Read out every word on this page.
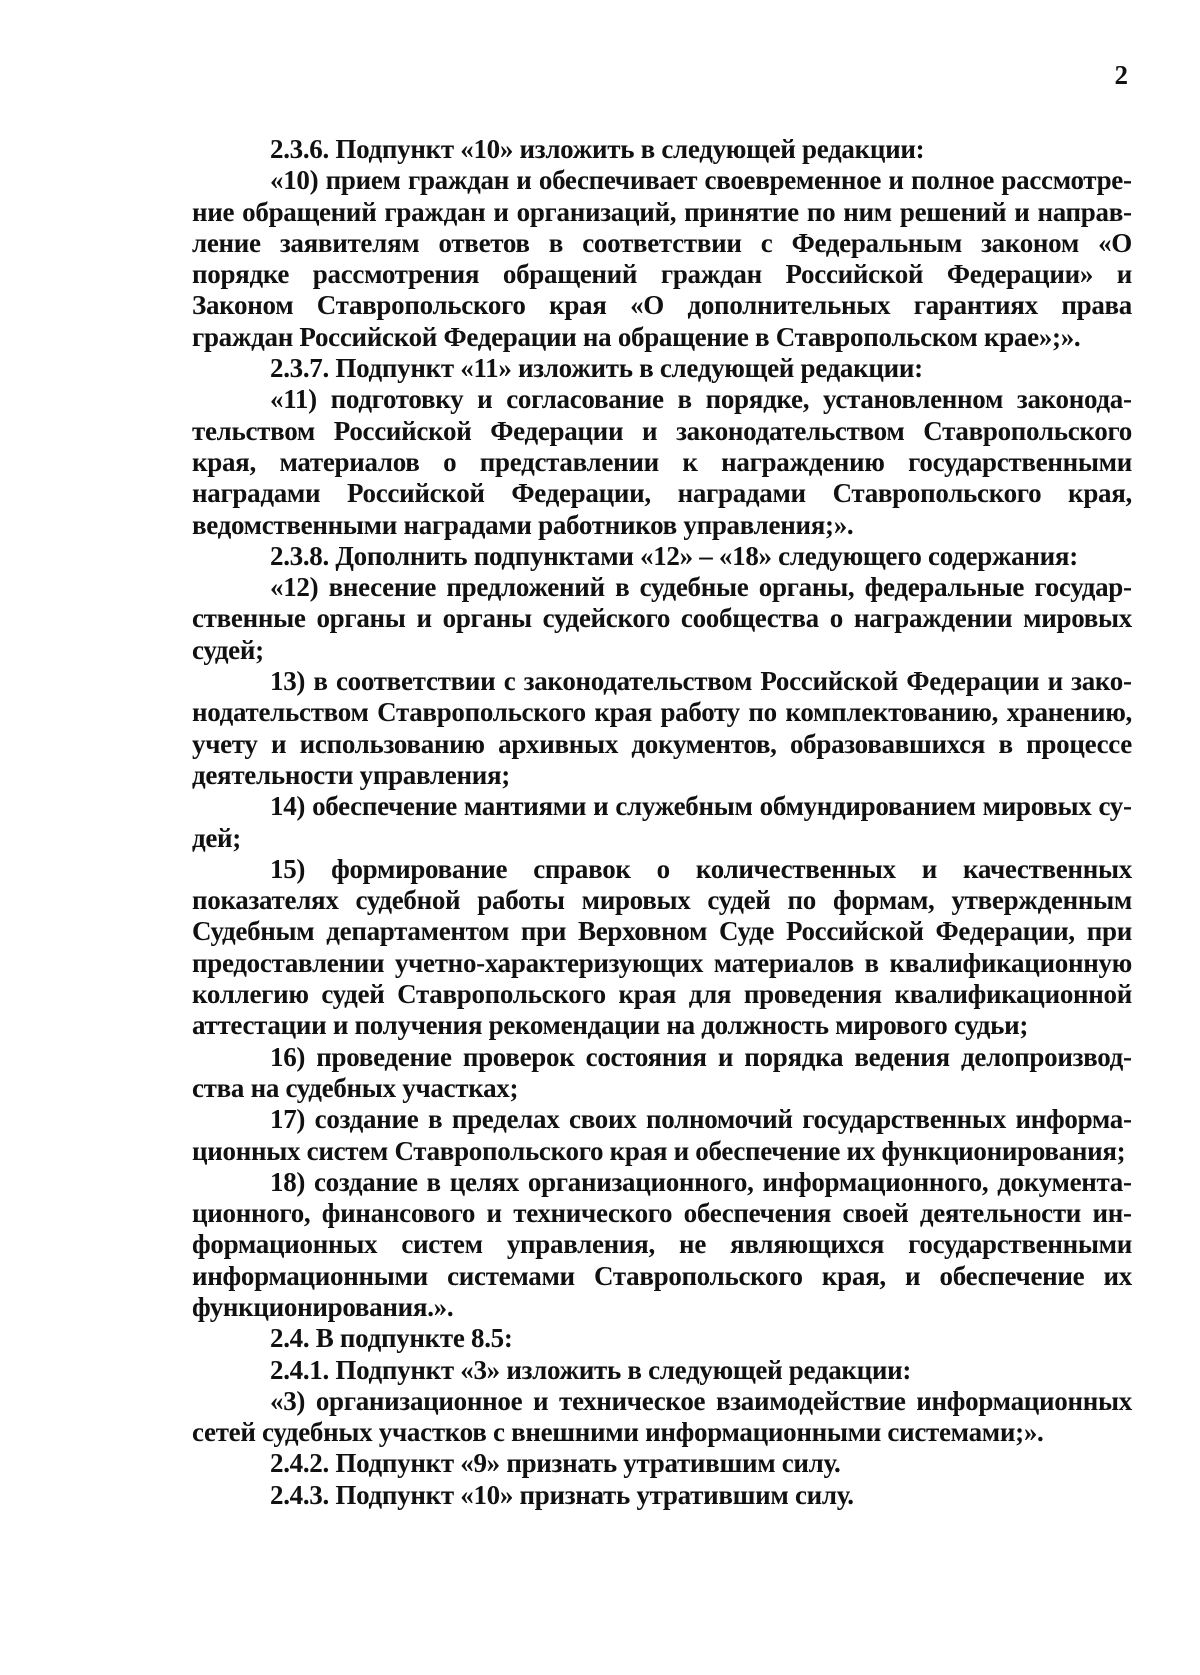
2

2.3.6. Подпункт «10» изложить в следующей редакции:

«10) прием граждан и обеспечивает своевременное и полное рассмотрение обращений граждан и организаций, принятие по ним решений и направление заявителям ответов в соответствии с Федеральным законом «О порядке рассмотрения обращений граждан Российской Федерации» и Законом Ставропольского края «О дополнительных гарантиях права граждан Российской Федерации на обращение в Ставропольском крае»;».

2.3.7. Подпункт «11» изложить в следующей редакции:

«11) подготовку и согласование в порядке, установленном законодательством Российской Федерации и законодательством Ставропольского края, материалов о представлении к награждению государственными наградами Российской Федерации, наградами Ставропольского края, ведомственными наградами работников управления;».

2.3.8. Дополнить подпунктами «12» – «18» следующего содержания:

«12) внесение предложений в судебные органы, федеральные государственные органы и органы судейского сообщества о награждении мировых судей;

13) в соответствии с законодательством Российской Федерации и законодательством Ставропольского края работу по комплектованию, хранению, учету и использованию архивных документов, образовавшихся в процессе деятельности управления;

14) обеспечение мантиями и служебным обмундированием мировых судей;

15) формирование справок о количественных и качественных показателях судебной работы мировых судей по формам, утвержденным Судебным департаментом при Верховном Суде Российской Федерации, при предоставлении учетно-характеризующих материалов в квалификационную коллегию судей Ставропольского края для проведения квалификационной аттестации и получения рекомендации на должность мирового судьи;

16) проведение проверок состояния и порядка ведения делопроизводства на судебных участках;

17) создание в пределах своих полномочий государственных информационных систем Ставропольского края и обеспечение их функционирования;

18) создание в целях организационного, информационного, документационного, финансового и технического обеспечения своей деятельности информационных систем управления, не являющихся государственными информационными системами Ставропольского края, и обеспечение их функционирования.».

2.4. В подпункте 8.5:

2.4.1. Подпункт «3» изложить в следующей редакции:

«3) организационное и техническое взаимодействие информационных сетей судебных участков с внешними информационными системами;».

2.4.2. Подпункт «9» признать утратившим силу.

2.4.3. Подпункт «10» признать утратившим силу.
